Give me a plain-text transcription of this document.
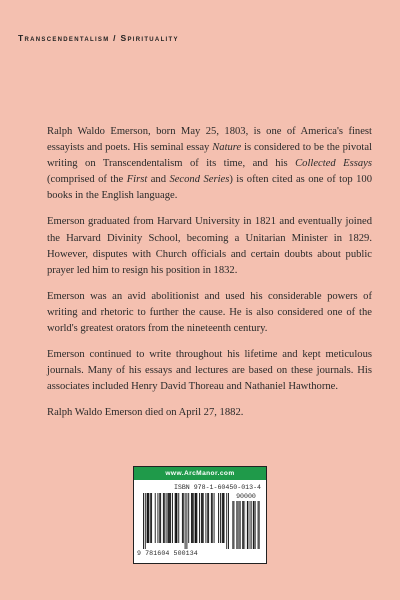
Transcendentalism / Spirituality

Ralph Waldo Emerson, born May 25, 1803, is one of America's finest essayists and poets. His seminal essay Nature is considered to be the pivotal writing on Transcendentalism of its time, and his Collected Essays (comprised of the First and Second Series) is often cited as one of top 100 books in the English language.

Emerson graduated from Harvard University in 1821 and eventually joined the Harvard Divinity School, becoming a Unitarian Minister in 1829. However, disputes with Church officials and certain doubts about public prayer led him to resign his position in 1832.

Emerson was an avid abolitionist and used his considerable powers of writing and rhetoric to further the cause. He is also considered one of the world's greatest orators from the nineteenth century.

Emerson continued to write throughout his lifetime and kept meticulous journals. Many of his essays and lectures are based on these journals. His associates included Henry David Thoreau and Nathaniel Hawthorne.

Ralph Waldo Emerson died on April 27, 1882.

www.ArcManor.com
ISBN 978-1-60450-013-4
90000
9 781604 500134
